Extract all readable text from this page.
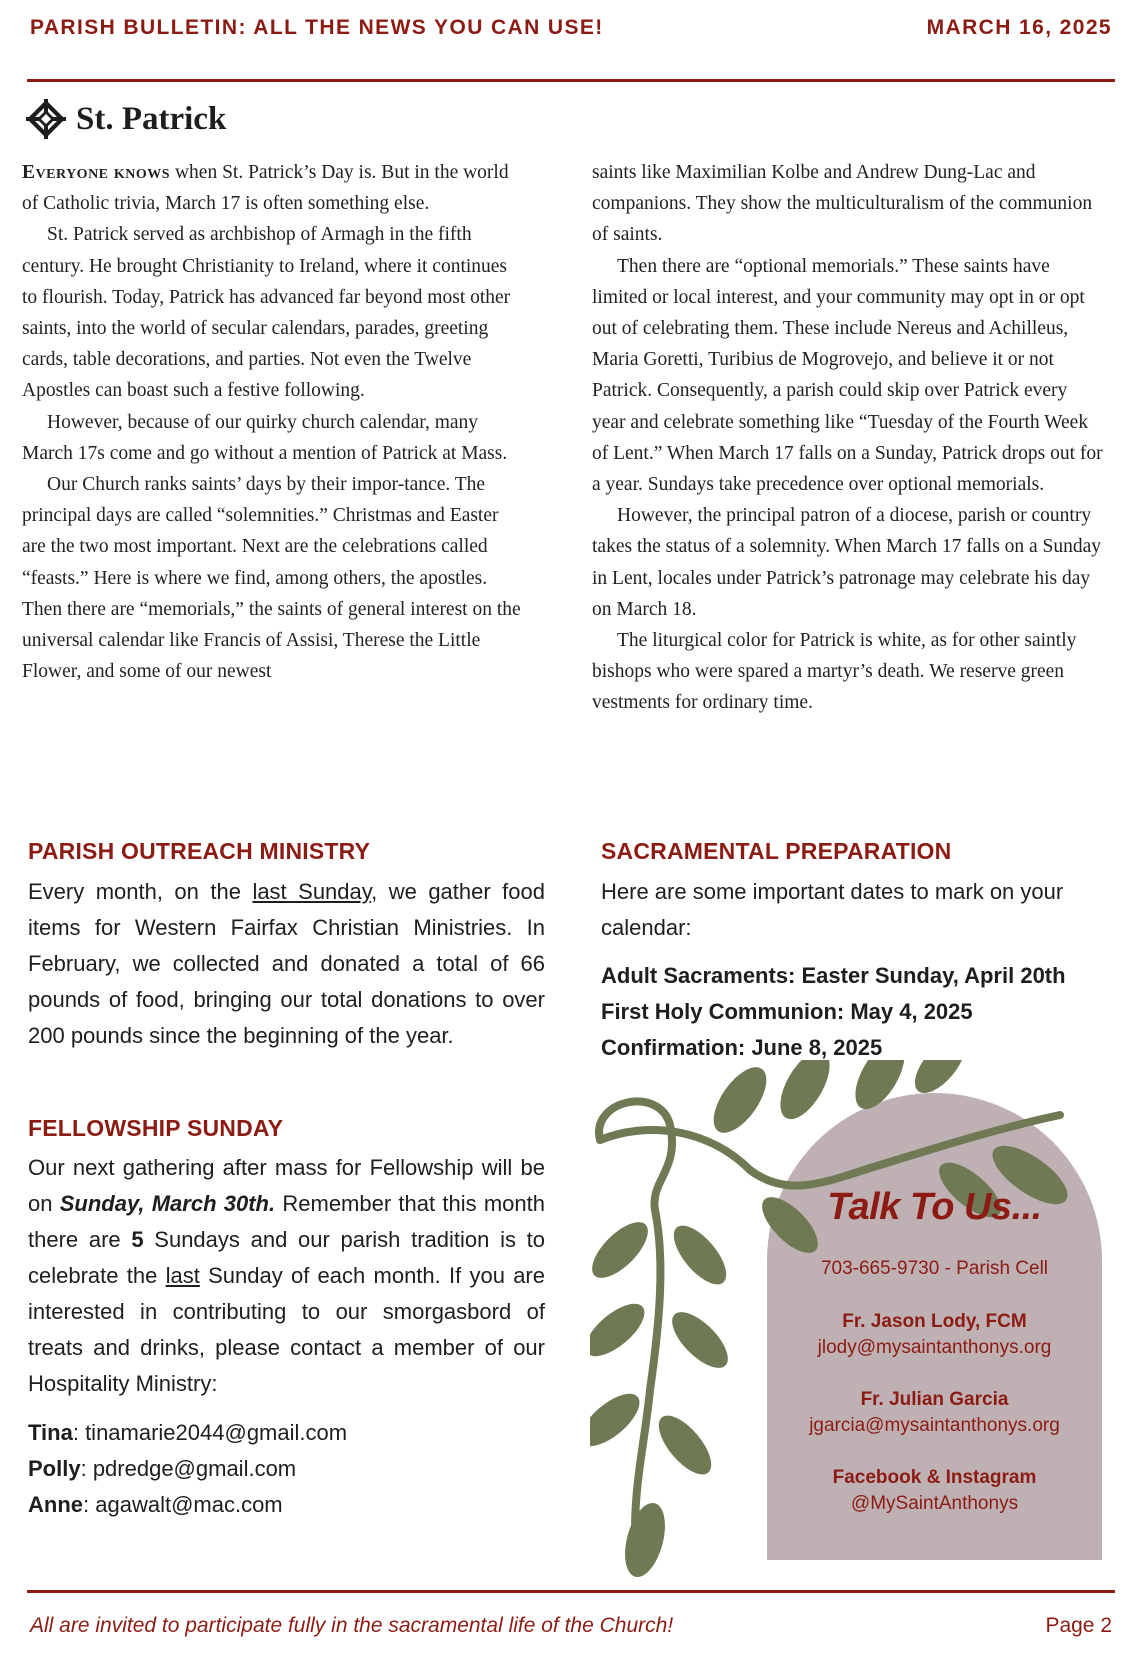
PARISH BULLETIN: ALL THE NEWS YOU CAN USE!	MARCH 16, 2025
St. Patrick

Everyone knows when St. Patrick’s Day is. But in the world of Catholic trivia, March 17 is often something else.

St. Patrick served as archbishop of Armagh in the fifth century. He brought Christianity to Ireland, where it continues to flourish. Today, Patrick has advanced far beyond most other saints, into the world of secular calendars, parades, greeting cards, table decorations, and parties. Not even the Twelve Apostles can boast such a festive following.

However, because of our quirky church calendar, many March 17s come and go without a mention of Patrick at Mass.

Our Church ranks saints’ days by their impor-tance. The principal days are called “solemnities.” Christmas and Easter are the two most important. Next are the celebrations called “feasts.” Here is where we find, among others, the apostles. Then there are “memorials,” the saints of general interest on the universal calendar like Francis of Assisi, Therese the Little Flower, and some of our newest

saints like Maximilian Kolbe and Andrew Dung-Lac and companions. They show the multiculturalism of the communion of saints.

Then there are “optional memorials.” These saints have limited or local interest, and your community may opt in or opt out of celebrating them. These include Nereus and Achilleus, Maria Goretti, Turibius de Mogrovejo, and believe it or not Patrick. Consequently, a parish could skip over Patrick every year and celebrate something like “Tuesday of the Fourth Week of Lent.” When March 17 falls on a Sunday, Patrick drops out for a year. Sundays take precedence over optional memorials.

However, the principal patron of a diocese, parish or country takes the status of a solemnity. When March 17 falls on a Sunday in Lent, locales under Patrick’s patronage may celebrate his day on March 18.

The liturgical color for Patrick is white, as for other saintly bishops who were spared a martyr’s death. We reserve green vestments for ordinary time.

PARISH OUTREACH MINISTRY
Every month, on the last Sunday, we gather food items for Western Fairfax Christian Ministries. In February, we collected and donated a total of 66 pounds of food, bringing our total donations to over 200 pounds since the beginning of the year.
FELLOWSHIP SUNDAY
Our next gathering after mass for Fellowship will be on Sunday, March 30th. Remember that this month there are 5 Sundays and our parish tradition is to celebrate the last Sunday of each month. If you are interested in contributing to our smorgasbord of treats and drinks, please contact a member of our Hospitality Ministry:
Tina: tinamarie2044@gmail.com
Polly: pdredge@gmail.com
Anne: agawalt@mac.com
SACRAMENTAL PREPARATION
Here are some important dates to mark on your calendar:
Adult Sacraments: Easter Sunday, April 20th
First Holy Communion: May 4, 2025
Confirmation: June 8, 2025
Talk To Us...
703-665-9730 - Parish Cell
Fr. Jason Lody, FCM
jlody@mysaintanthonys.org
Fr. Julian Garcia
jgarcia@mysaintanthonys.org
Facebook & Instagram
@MySaintAnthonys
All are invited to participate fully in the sacramental life of the Church!	Page 2
